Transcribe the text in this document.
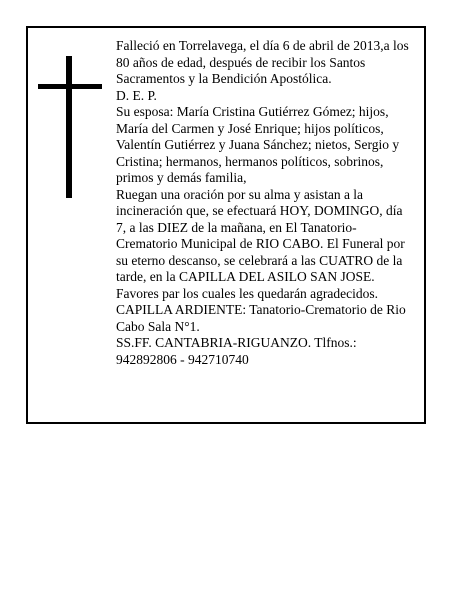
Falleció en Torrelavega, el día 6 de abril de 2013,a los 80 años de edad, después de recibir los Santos Sacramentos y la Bendición Apostólica.

D. E. P.

Su esposa: María Cristina Gutiérrez Gómez; hijos, María del Carmen y José Enrique; hijos políticos, Valentín Gutiérrez y Juana Sánchez; nietos, Sergio y Cristina; hermanos, hermanos políticos, sobrinos, primos y demás familia,

Ruegan una oración por su alma y asistan a la incineración que, se efectuará HOY, DOMINGO, día 7, a las DIEZ de la mañana, en El Tanatorio-Crematorio Municipal de RIO CABO. El Funeral por su eterno descanso, se celebrará a las CUATRO de la tarde, en la CAPILLA DEL ASILO SAN JOSE. Favores par los cuales les quedarán agradecidos. CAPILLA ARDIENTE: Tanatorio-Crematorio de Rio Cabo Sala N°1.

SS.FF. CANTABRIA-RIGUANZO. Tlfnos.: 942892806 - 942710740
